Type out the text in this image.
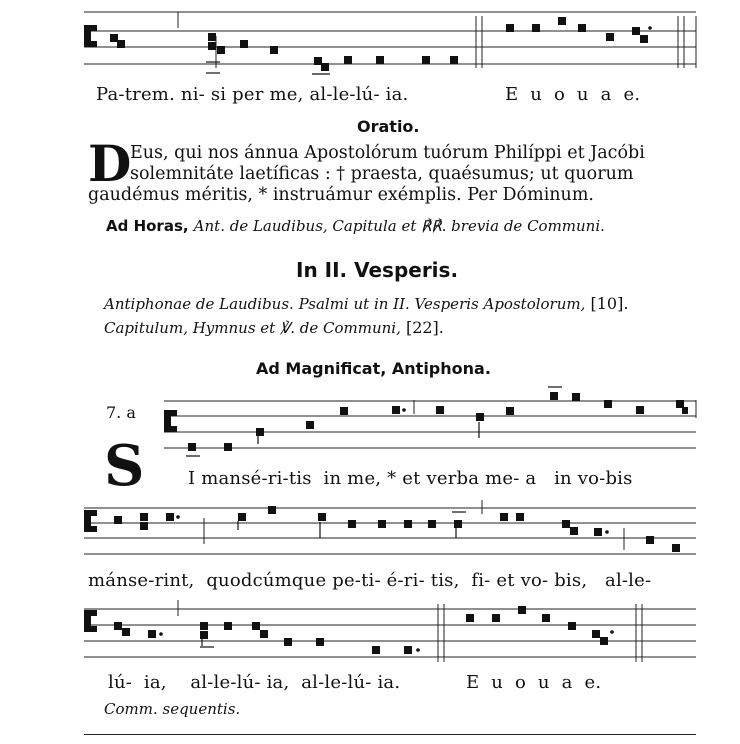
Pa-trem. ni- si per me, al-le-lú- ia.	E u o u a e.
Oratio.
D
Eus, qui nos ánnua Apostolórum tuórum Philíppi et Jacóbi
solemnitáte laetíficas : † praesta, quaésumus; ut quorum
gaudémus méritis, * instruámur exémplis. Per Dóminum.
Ad Horas, Ant. de Laudibus, Capitula et ℟℟. brevia de Communi.
In II. Vesperis.
Antiphonae de Laudibus. Psalmi ut in II. Vesperis Apostolorum, [10].
Capitulum, Hymnus et ℣. de Communi, [22].
Ad Magnificat, Antiphona.
7. a
S I mansé-ri-tis  in me, * et verba me- a   in vo-bis
mánse-rint,  quodcúmque pe-ti- é-ri- tis,  fi- et vo- bis,   al-le-
lú-  ia,    al-le-lú- ia,  al-le-lú- ia.	E u o u a e.
Comm. sequentis.
